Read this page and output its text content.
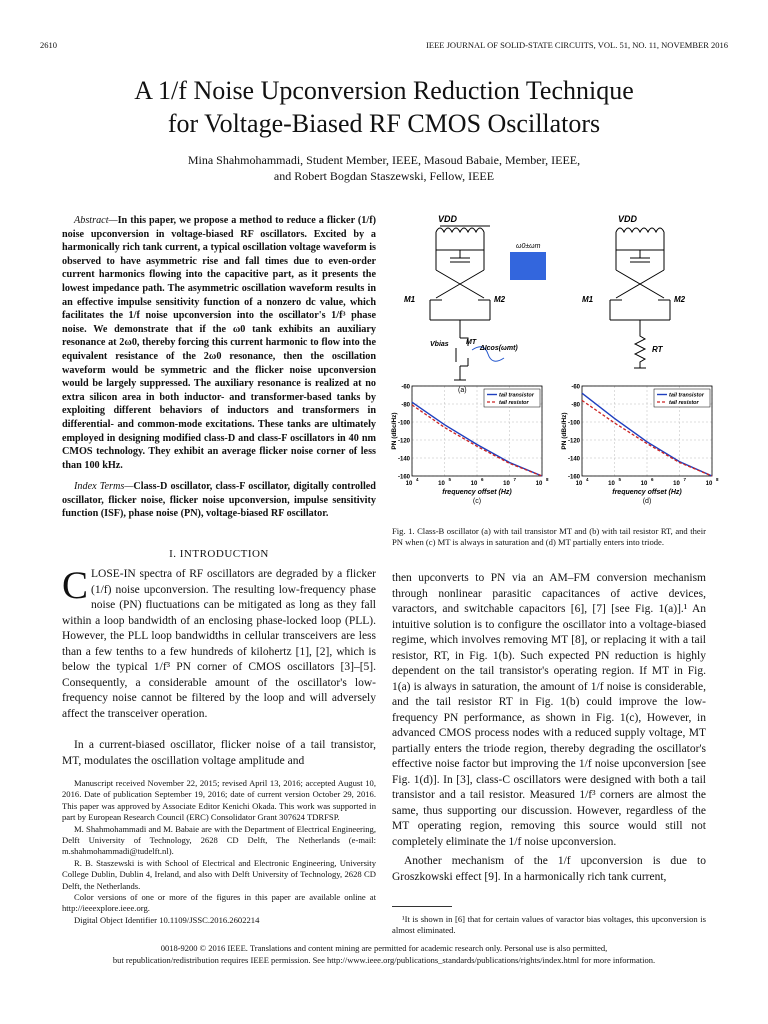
2610	IEEE JOURNAL OF SOLID-STATE CIRCUITS, VOL. 51, NO. 11, NOVEMBER 2016
A 1/f Noise Upconversion Reduction Technique
for Voltage-Biased RF CMOS Oscillators
Mina Shahmohammadi, Student Member, IEEE, Masoud Babaie, Member, IEEE,
and Robert Bogdan Staszewski, Fellow, IEEE
Abstract—In this paper, we propose a method to reduce a flicker (1/f) noise upconversion in voltage-biased RF oscillators. Excited by a harmonically rich tank current, a typical oscillation voltage waveform is observed to have asymmetric rise and fall times due to even-order current harmonics flowing into the capacitive part, as it presents the lowest impedance path. The asymmetric oscillation waveform results in an effective impulse sensitivity function of a nonzero dc value, which facilitates the 1/f noise upconversion into the oscillator's 1/f³ phase noise. We demonstrate that if the ω0 tank exhibits an auxiliary resonance at 2ω0, thereby forcing this current harmonic to flow into the equivalent resistance of the 2ω0 resonance, then the oscillation waveform would be symmetric and the flicker noise upconversion would be largely suppressed. The auxiliary resonance is realized at no extra silicon area in both inductor- and transformer-based tanks by exploiting different behaviors of inductors and transformers in differential- and common-mode excitations. These tanks are ultimately employed in designing modified class-D and class-F oscillators in 40 nm CMOS technology. They exhibit an average flicker noise corner of less than 100 kHz.
Index Terms—Class-D oscillator, class-F oscillator, digitally controlled oscillator, flicker noise, flicker noise upconversion, impulse sensitivity function (ISF), phase noise (PN), voltage-biased RF oscillator.
I. INTRODUCTION
CLOSE-IN spectra of RF oscillators are degraded by a flicker (1/f) noise upconversion. The resulting low-frequency phase noise (PN) fluctuations can be mitigated as long as they fall within a loop bandwidth of an enclosing phase-locked loop (PLL). However, the PLL loop bandwidths in cellular transceivers are less than a few tenths to a few hundreds of kilohertz [1], [2], which is below the typical 1/f³ PN corner of CMOS oscillators [3]–[5]. Consequently, a considerable amount of the oscillator's low-frequency noise cannot be filtered by the loop and will adversely affect the transceiver operation.
In a current-biased oscillator, flicker noise of a tail transistor, MT, modulates the oscillation voltage amplitude and
Manuscript received November 22, 2015; revised April 13, 2016; accepted August 10, 2016. Date of publication September 19, 2016; date of current version October 29, 2016. This paper was approved by Associate Editor Kenichi Okada. This work was supported in part by European Research Council (ERC) Consolidator Grant 307624 TDRFSP.
M. Shahmohammadi and M. Babaie are with the Department of Electrical Engineering, Delft University of Technology, 2628 CD Delft, The Netherlands (e-mail: m.shahmohammadi@tudelft.nl).
R. B. Staszewski is with School of Electrical and Electronic Engineering, University College Dublin, Dublin 4, Ireland, and also with Delft University of Technology, 2628 CD Delft, the Netherlands.
Color versions of one or more of the figures in this paper are available online at http://ieeexplore.ieee.org.
Digital Object Identifier 10.1109/JSSC.2016.2602214
VDD
M1	M2
Vbias MT
ΔIcos(ωmt)
ω0±ωm
(a)
VDD
M1	M2
RT
-60
-80
-100
-120
-140
-160
10
4
10
5
10
6
10
7
10
8
frequency offset (Hz)
PN (dBc/Hz)
(c)
tail transistor
tail resistor
-60
-80
-100
-120
-140
-160
10
4
10
5
10
6
10
7
10
8
frequency offset (Hz)
PN (dBc/Hz)
(d)
tail transistor
tail resistor
Fig. 1. Class-B oscillator (a) with tail transistor MT and (b) with tail resistor RT, and their PN when (c) MT is always in saturation and (d) MT partially enters into triode.
then upconverts to PN via an AM–FM conversion mechanism through nonlinear parasitic capacitances of active devices, varactors, and switchable capacitors [6], [7] [see Fig. 1(a)].¹ An intuitive solution is to configure the oscillator into a voltage-biased regime, which involves removing MT [8], or replacing it with a tail resistor, RT, in Fig. 1(b). Such expected PN reduction is highly dependent on the tail transistor's operating region. If MT in Fig. 1(a) is always in saturation, the amount of 1/f noise is considerable, and the tail resistor RT in Fig. 1(b) could improve the low-frequency PN performance, as shown in Fig. 1(c), However, in advanced CMOS process nodes with a reduced supply voltage, MT partially enters the triode region, thereby degrading the oscillator's effective noise factor but improving the 1/f noise upconversion [see Fig. 1(d)]. In [3], class-C oscillators were designed with both a tail transistor and a tail resistor. Measured 1/f³ corners are almost the same, thus supporting our discussion. However, regardless of the MT operating region, removing this source would still not completely eliminate the 1/f noise upconversion.
Another mechanism of the 1/f upconversion is due to Groszkowski effect [9]. In a harmonically rich tank current,
¹It is shown in [6] that for certain values of varactor bias voltages, this upconversion is almost eliminated.
0018-9200 © 2016 IEEE. Translations and content mining are permitted for academic research only. Personal use is also permitted,
but republication/redistribution requires IEEE permission. See http://www.ieee.org/publications_standards/publications/rights/index.html for more information.
